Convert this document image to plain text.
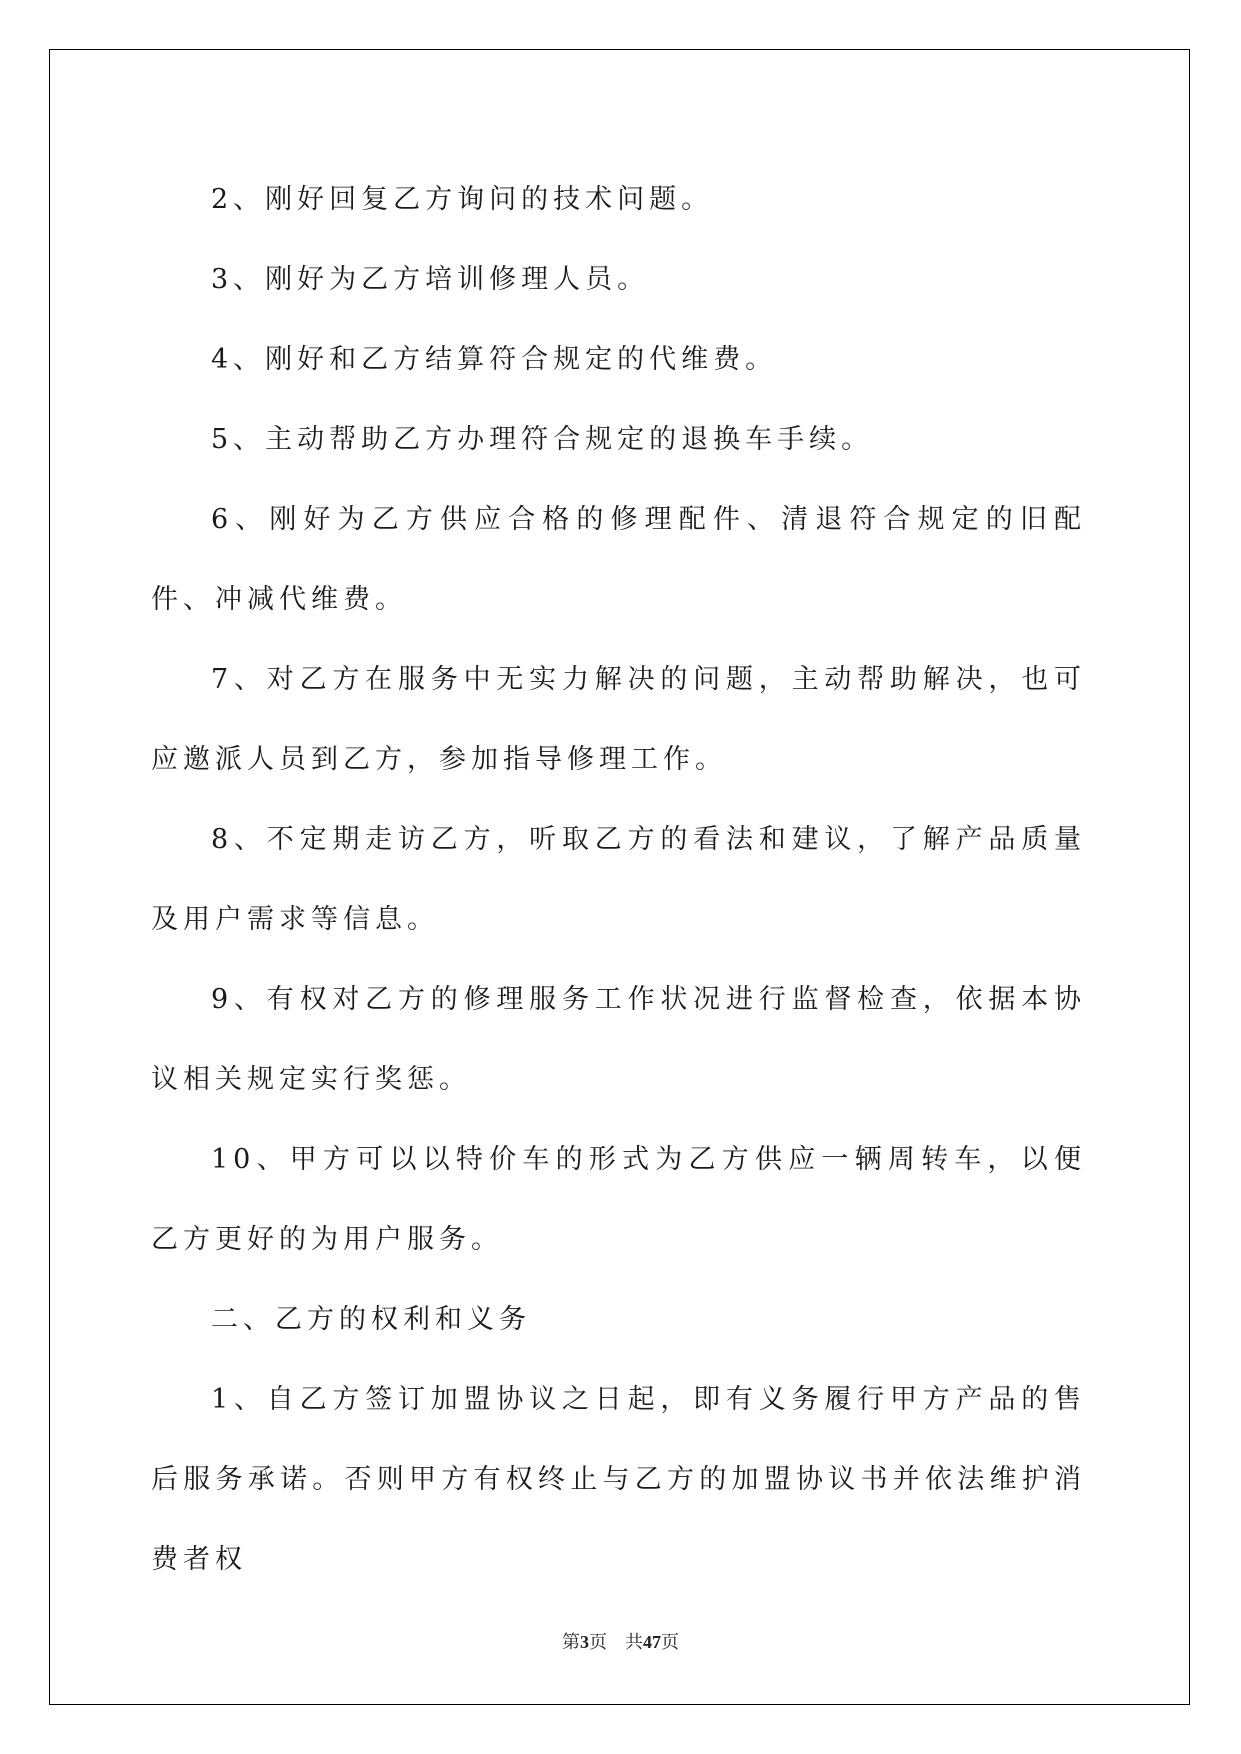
2、刚好回复乙方询问的技术问题。

3、刚好为乙方培训修理人员。

4、刚好和乙方结算符合规定的代维费。

5、主动帮助乙方办理符合规定的退换车手续。

6、刚好为乙方供应合格的修理配件、清退符合规定的旧配件、冲减代维费。

7、对乙方在服务中无实力解决的问题，主动帮助解决，也可应邀派人员到乙方，参加指导修理工作。

8、不定期走访乙方，听取乙方的看法和建议，了解产品质量及用户需求等信息。

9、有权对乙方的修理服务工作状况进行监督检查，依据本协议相关规定实行奖惩。

10、甲方可以以特价车的形式为乙方供应一辆周转车，以便乙方更好的为用户服务。

二、乙方的权利和义务

1、自乙方签订加盟协议之日起，即有义务履行甲方产品的售后服务承诺。否则甲方有权终止与乙方的加盟协议书并依法维护消费者权

第3页 共47页
